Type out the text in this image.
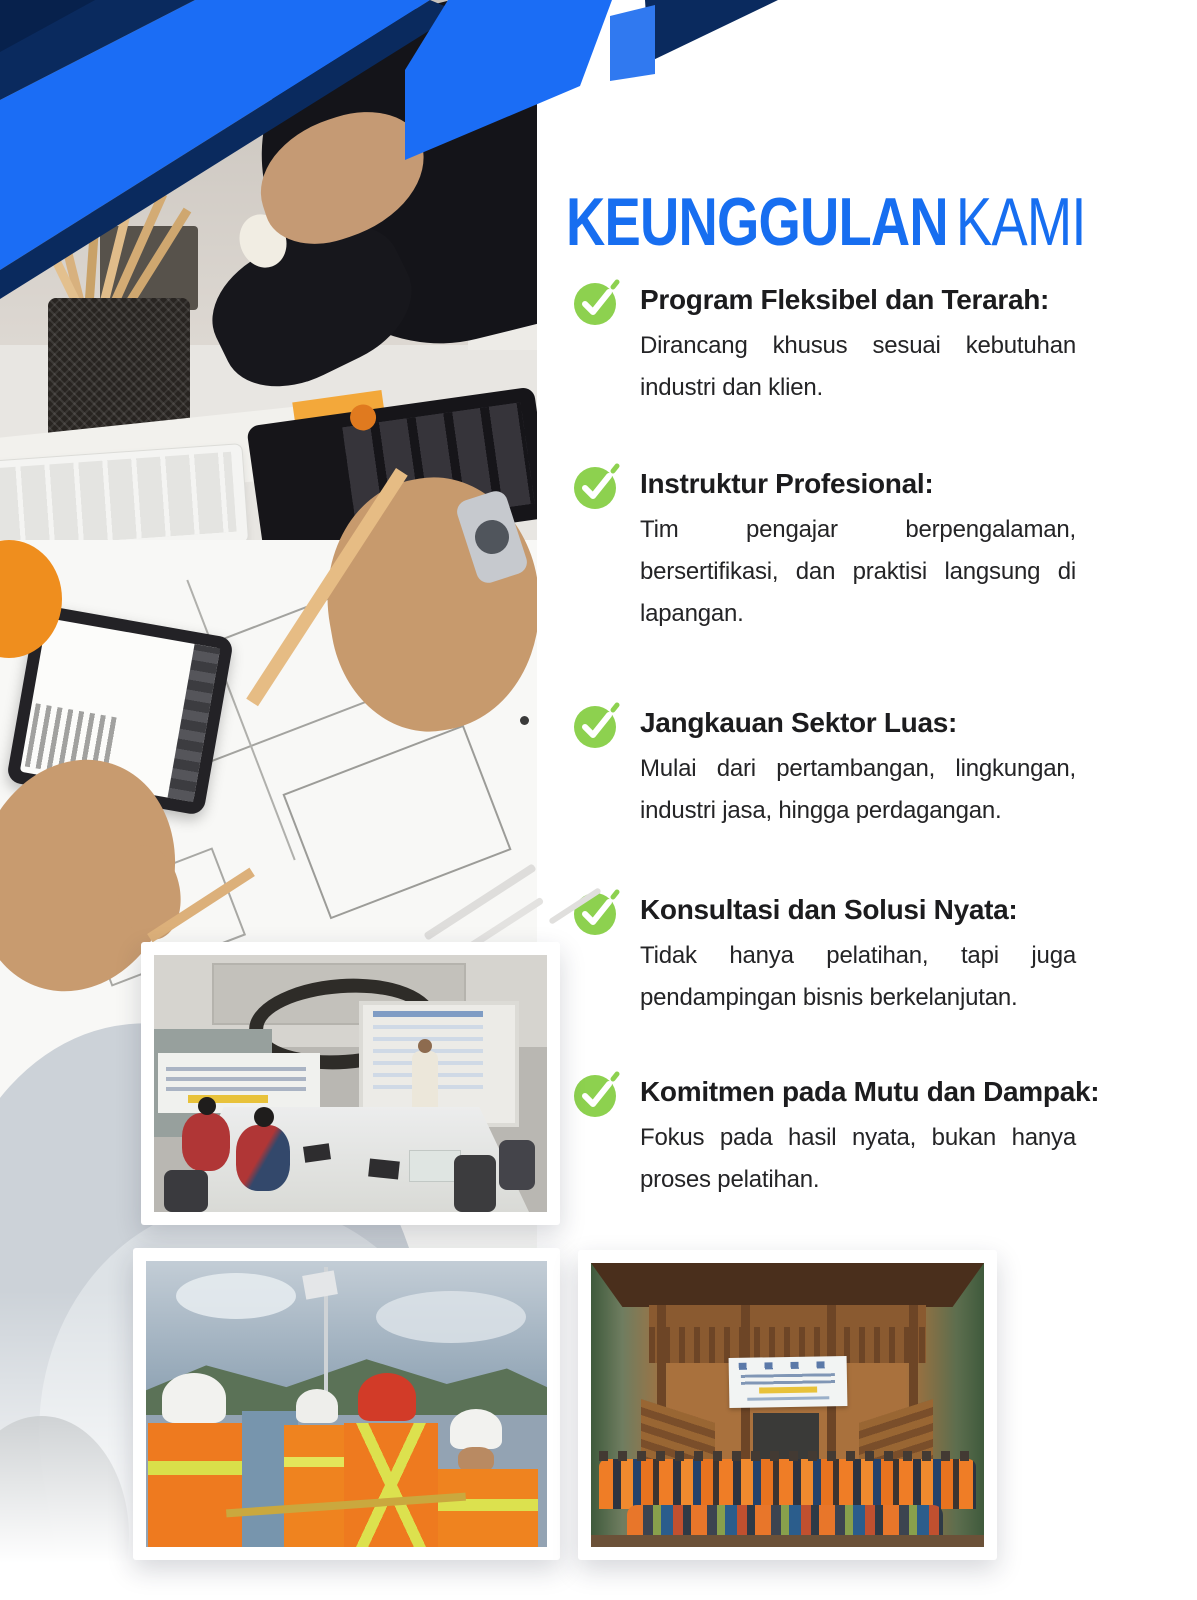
KEUNGGULAN KAMI

Program Fleksibel dan Terarah:

Dirancang khusus sesuai kebutuhan industri dan klien.

Instruktur Profesional:

Tim pengajar berpengalaman, bersertifikasi, dan praktisi langsung di lapangan.

Jangkauan Sektor Luas:

Mulai dari pertambangan, lingkungan, industri jasa, hingga perdagangan.

Konsultasi dan Solusi Nyata:

Tidak hanya pelatihan, tapi juga pendampingan bisnis berkelanjutan.

Komitmen pada Mutu dan Dampak:

Fokus pada hasil nyata, bukan hanya proses pelatihan.
